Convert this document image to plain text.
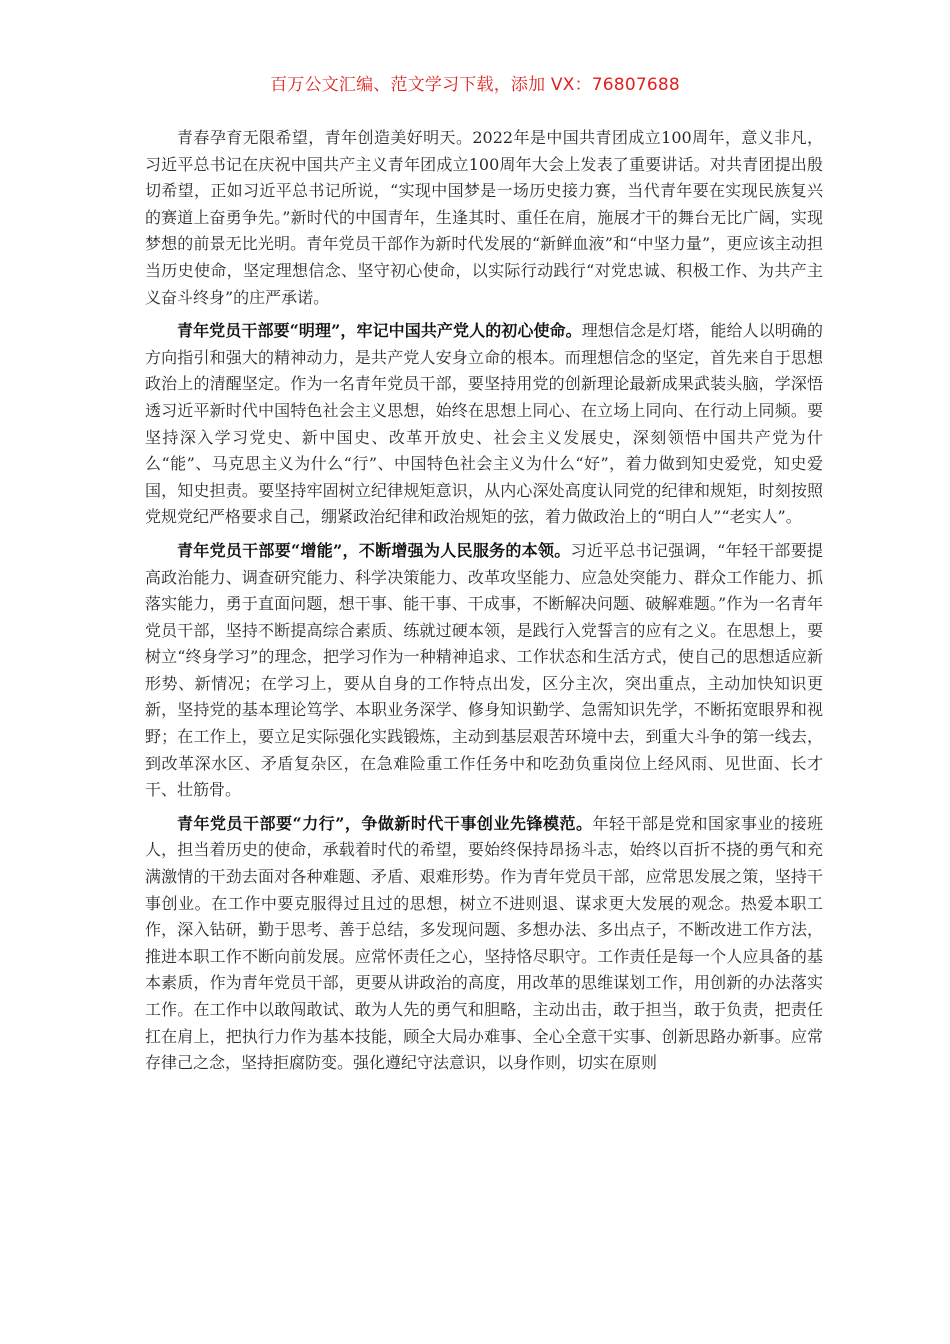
百万公文汇编、范文学习下载，添加 VX：76807688

青春孕育无限希望，青年创造美好明天。2022年是中国共青团成立100周年，意义非凡，习近平总书记在庆祝中国共产主义青年团成立100周年大会上发表了重要讲话。对共青团提出殷切希望，正如习近平总书记所说，“实现中国梦是一场历史接力赛，当代青年要在实现民族复兴的赛道上奋勇争先。”新时代的中国青年，生逢其时、重任在肩，施展才干的舞台无比广阔，实现梦想的前景无比光明。青年党员干部作为新时代发展的“新鲜血液”和“中坚力量”，更应该主动担当历史使命，坚定理想信念、坚守初心使命，以实际行动践行“对党忠诚、积极工作、为共产主义奋斗终身”的庄严承诺。

青年党员干部要“明理”，牢记中国共产党人的初心使命。理想信念是灯塔，能给人以明确的方向指引和强大的精神动力，是共产党人安身立命的根本。而理想信念的坚定，首先来自于思想政治上的清醒坚定。作为一名青年党员干部，要坚持用党的创新理论最新成果武装头脑，学深悟透习近平新时代中国特色社会主义思想，始终在思想上同心、在立场上同向、在行动上同频。要坚持深入学习党史、新中国史、改革开放史、社会主义发展史，深刻领悟中国共产党为什么“能”、马克思主义为什么“行”、中国特色社会主义为什么“好”，着力做到知史爱党，知史爱国，知史担责。要坚持牢固树立纪律规矩意识，从内心深处高度认同党的纪律和规矩，时刻按照党规党纪严格要求自己，绷紧政治纪律和政治规矩的弦，着力做政治上的“明白人”“老实人”。

青年党员干部要“增能”，不断增强为人民服务的本领。习近平总书记强调，“年轻干部要提高政治能力、调查研究能力、科学决策能力、改革攻坚能力、应急处突能力、群众工作能力、抓落实能力，勇于直面问题，想干事、能干事、干成事，不断解决问题、破解难题。”作为一名青年党员干部，坚持不断提高综合素质、练就过硬本领，是践行入党誓言的应有之义。在思想上，要树立“终身学习”的理念，把学习作为一种精神追求、工作状态和生活方式，使自己的思想适应新形势、新情况；在学习上，要从自身的工作特点出发，区分主次，突出重点，主动加快知识更新，坚持党的基本理论笃学、本职业务深学、修身知识勤学、急需知识先学，不断拓宽眼界和视野；在工作上，要立足实际强化实践锻炼，主动到基层艰苦环境中去，到重大斗争的第一线去，到改革深水区、矛盾复杂区，在急难险重工作任务中和吃劲负重岗位上经风雨、见世面、长才干、壮筋骨。

青年党员干部要“力行”，争做新时代干事创业先锋模范。年轻干部是党和国家事业的接班人，担当着历史的使命，承载着时代的希望，要始终保持昂扬斗志，始终以百折不挠的勇气和充满激情的干劲去面对各种难题、矛盾、艰难形势。作为青年党员干部，应常思发展之策，坚持干事创业。在工作中要克服得过且过的思想，树立不进则退、谋求更大发展的观念。热爱本职工作，深入钻研，勤于思考、善于总结，多发现问题、多想办法、多出点子，不断改进工作方法，推进本职工作不断向前发展。应常怀责任之心，坚持恪尽职守。工作责任是每一个人应具备的基本素质，作为青年党员干部，更要从讲政治的高度，用改革的思维谋划工作，用创新的办法落实工作。在工作中以敢闯敢试、敢为人先的勇气和胆略，主动出击，敢于担当，敢于负责，把责任扛在肩上，把执行力作为基本技能，顾全大局办难事、全心全意干实事、创新思路办新事。应常存律己之念，坚持拒腐防变。强化遵纪守法意识，以身作则，切实在原则
